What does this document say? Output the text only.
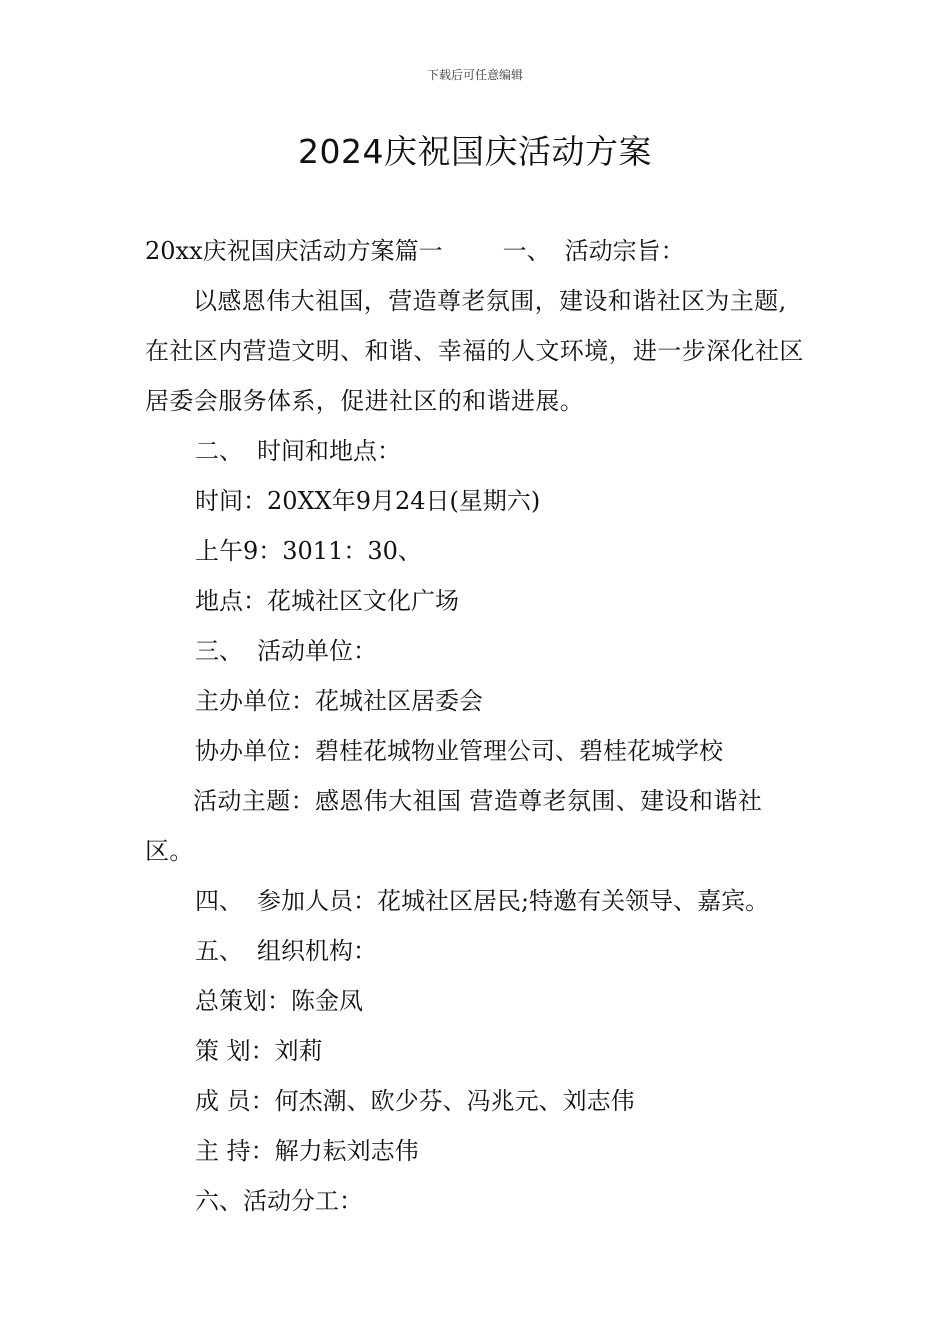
下载后可任意编辑
2024庆祝国庆活动方案

20xx庆祝国庆活动方案篇一	一、 活动宗旨：

以感恩伟大祖国，营造尊老氛围，建设和谐社区为主题,在社区内营造文明、和谐、幸福的人文环境，进一步深化社区居委会服务体系，促进社区的和谐进展。

二、 时间和地点：

时间：20XX年9月24日(星期六)

上午9：3011：30、

地点：花城社区文化广场

三、 活动单位：

主办单位：花城社区居委会

协办单位：碧桂花城物业管理公司、碧桂花城学校

活动主题：感恩伟大祖国 营造尊老氛围、建设和谐社区。

四、 参加人员：花城社区居民;特邀有关领导、嘉宾。

五、 组织机构：

总策划：陈金凤

策 划：刘莉

成 员：何杰潮、欧少芬、冯兆元、刘志伟

主 持：解力耘刘志伟

六、活动分工：
